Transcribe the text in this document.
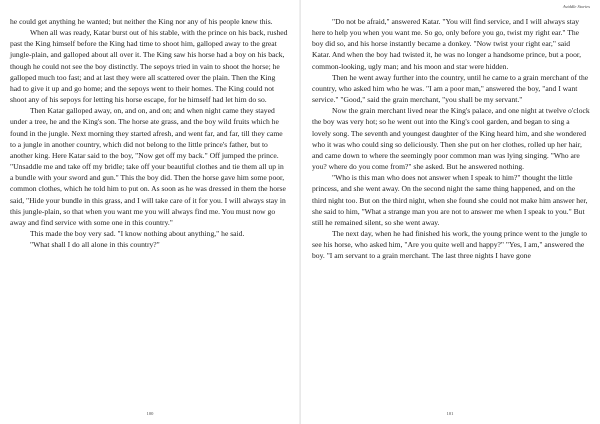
he could get anything he wanted; but neither the King nor any of his people knew this.

When all was ready, Katar burst out of his stable, with the prince on his back, rushed past the King himself before the King had time to shoot him, galloped away to the great jungle-plain, and galloped about all over it. The King saw his horse had a boy on his back, though he could not see the boy distinctly. The sepoys tried in vain to shoot the horse; he galloped much too fast; and at last they were all scattered over the plain. Then the King had to give it up and go home; and the sepoys went to their homes. The King could not shoot any of his sepoys for letting his horse escape, for he himself had let him do so.

Then Katar galloped away, on, and on, and on; and when night came they stayed under a tree, he and the King's son. The horse ate grass, and the boy wild fruits which he found in the jungle. Next morning they started afresh, and went far, and far, till they came to a jungle in another country, which did not belong to the little prince's father, but to another king. Here Katar said to the boy, "Now get off my back." Off jumped the prince. "Unsaddle me and take off my bridle; take off your beautiful clothes and tie them all up in a bundle with your sword and gun." This the boy did. Then the horse gave him some poor, common clothes, which he told him to put on. As soon as he was dressed in them the horse said, "Hide your bundle in this grass, and I will take care of it for you. I will always stay in this jungle-plain, so that when you want me you will always find me. You must now go away and find service with some one in this country."

This made the boy very sad. "I know nothing about anything," he said.

"What shall I do all alone in this country?"

100
Aviddle Stories

"Do not be afraid," answered Katar. "You will find service, and I will always stay here to help you when you want me. So go, only before you go, twist my right ear." The boy did so, and his horse instantly became a donkey. "Now twist your right ear," said Katar. And when the boy had twisted it, he was no longer a handsome prince, but a poor, common-looking, ugly man; and his moon and star were hidden.

Then he went away further into the country, until he came to a grain merchant of the country, who asked him who he was. "I am a poor man," answered the boy, "and I want service." "Good," said the grain merchant, "you shall be my servant."

Now the grain merchant lived near the King's palace, and one night at twelve o'clock the boy was very hot; so he went out into the King's cool garden, and began to sing a lovely song. The seventh and youngest daughter of the King heard him, and she wondered who it was who could sing so deliciously. Then she put on her clothes, rolled up her hair, and came down to where the seemingly poor common man was lying singing. "Who are you? where do you come from?" she asked. But he answered nothing.

"Who is this man who does not answer when I speak to him?" thought the little princess, and she went away. On the second night the same thing happened, and on the third night too. But on the third night, when she found she could not make him answer her, she said to him, "What a strange man you are not to answer me when I speak to you." But still he remained silent, so she went away.

The next day, when he had finished his work, the young prince went to the jungle to see his horse, who asked him, "Are you quite well and happy?" "Yes, I am," answered the boy. "I am servant to a grain merchant. The last three nights I have gone

101
